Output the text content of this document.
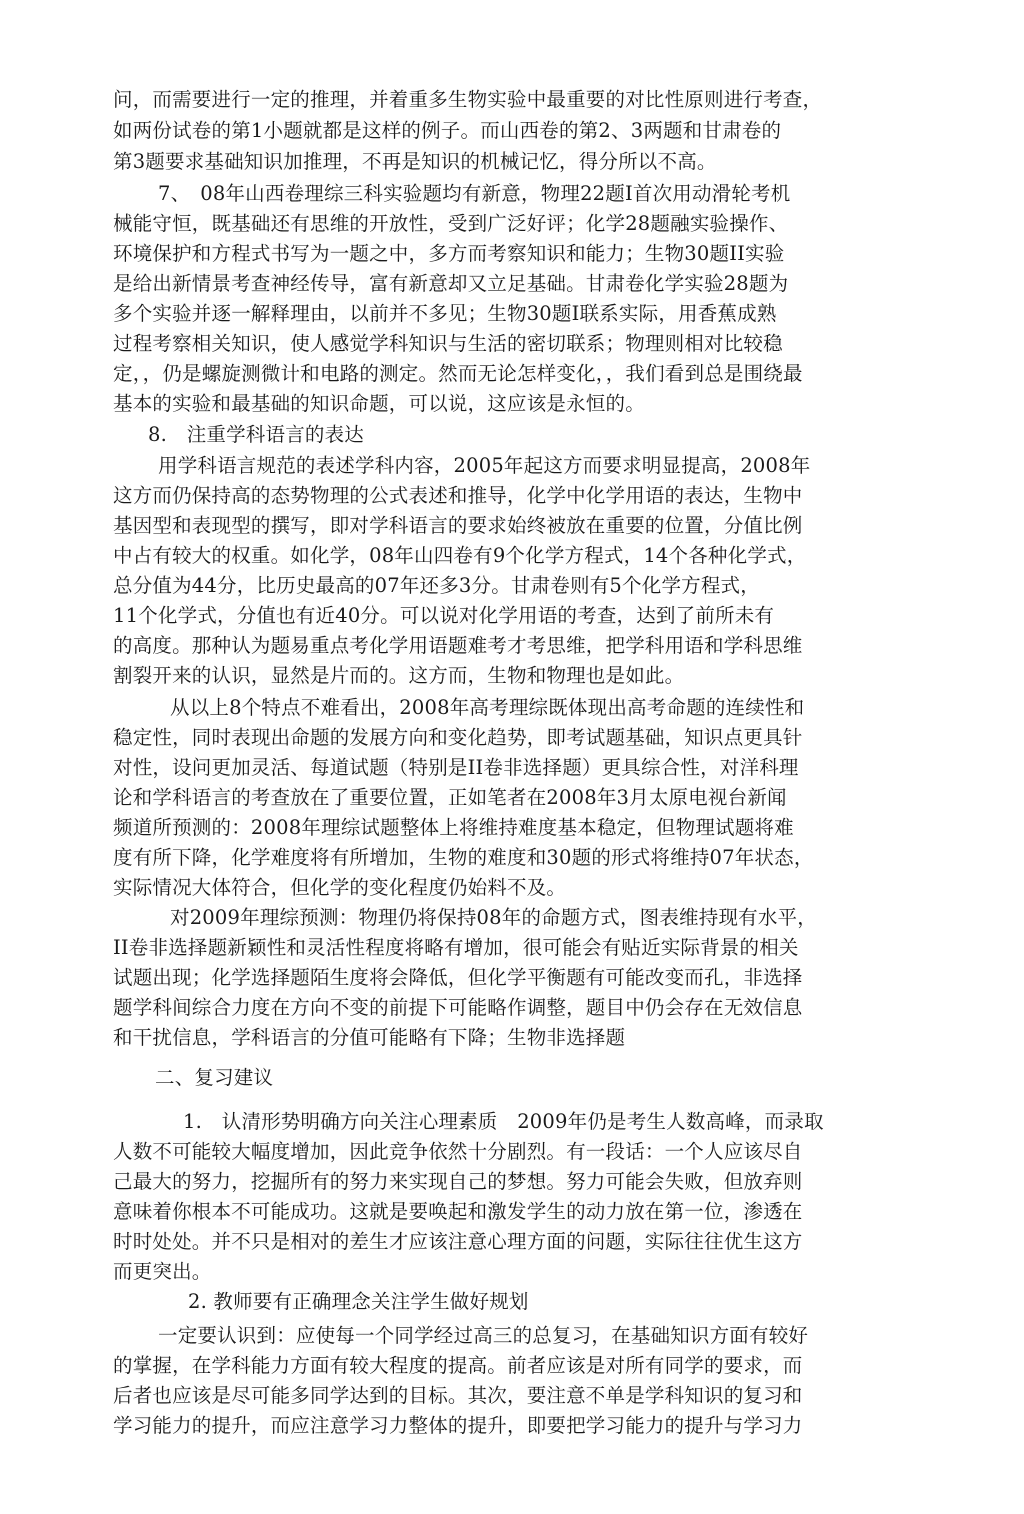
问，而需要进行一定的推理，并着重多生物实验中最重要的对比性原则进行考查，
如两份试卷的第1小题就都是这样的例子。而山西卷的第2、3两题和甘肃卷的
第3题要求基础知识加推理，不再是知识的机械记忆，得分所以不高。
7、　08年山西卷理综三科实验题均有新意，物理22题I首次用动滑轮考机
械能守恒，既基础还有思维的开放性，受到广泛好评；化学28题融实验操作、
环境保护和方程式书写为一题之中，多方而考察知识和能力；生物30题II实验
是给出新情景考查神经传导，富有新意却又立足基础。甘肃卷化学实验28题为
多个实验并逐一解释理由，以前并不多见；生物30题I联系实际，用香蕉成熟
过程考察相关知识，使人感觉学科知识与生活的密切联系；物理则相对比较稳
定，，仍是螺旋测微计和电路的测定。然而无论怎样变化，，我们看到总是围绕最
基本的实验和最基础的知识命题，可以说，这应该是永恒的。
8.　注重学科语言的表达
用学科语言规范的表述学科内容，2005年起这方而要求明显提高，2008年
这方而仍保持高的态势物理的公式表述和推导，化学中化学用语的表达，生物中
基因型和表现型的撰写，即对学科语言的要求始终被放在重要的位置，分值比例
中占有较大的权重。如化学，08年山四卷有9个化学方程式，14个各种化学式，
总分值为44分，比历史最高的07年还多3分。甘肃卷则有5个化学方程式，
11个化学式，分值也有近40分。可以说对化学用语的考查，达到了前所未有
的高度。那种认为题易重点考化学用语题难考才考思维，把学科用语和学科思维
割裂开来的认识，显然是片而的。这方而，生物和物理也是如此。
从以上8个特点不难看出，2008年高考理综既体现出高考命题的连续性和
稳定性，同时表现出命题的发展方向和变化趋势，即考试题基础，知识点更具针
对性，设问更加灵活、每道试题（特别是II卷非选择题）更具综合性，对洋科理
论和学科语言的考查放在了重要位置，正如笔者在2008年3月太原电视台新闻
频道所预测的：2008年理综试题整体上将维持难度基本稳定，但物理试题将难
度有所下降，化学难度将有所增加，生物的难度和30题的形式将维持07年状态，
实际情况大体符合，但化学的变化程度仍始料不及。
对2009年理综预测：物理仍将保持08年的命题方式，图表维持现有水平，
II卷非选择题新颖性和灵活性程度将略有增加，很可能会有贴近实际背景的相关
试题出现；化学选择题陌生度将会降低，但化学平衡题有可能改变而孔，非选择
题学科间综合力度在方向不变的前提下可能略作调整，题目中仍会存在无效信息
和干扰信息，学科语言的分值可能略有下降；生物非选择题
二、复习建议
1.　认清形势明确方向关注心理素质　2009年仍是考生人数高峰，而录取
人数不可能较大幅度增加，因此竞争依然十分剧烈。有一段话：一个人应该尽自
己最大的努力，挖掘所有的努力来实现自己的梦想。努力可能会失败，但放弃则
意味着你根本不可能成功。这就是要唤起和激发学生的动力放在第一位，渗透在
时时处处。并不只是相对的差生才应该注意心理方面的问题，实际往往优生这方
而更突出。
2. 教师要有正确理念关注学生做好规划
一定要认识到：应使每一个同学经过高三的总复习，在基础知识方面有较好
的掌握，在学科能力方面有较大程度的提高。前者应该是对所有同学的要求，而
后者也应该是尽可能多同学达到的目标。其次，要注意不单是学科知识的复习和
学习能力的提升，而应注意学习力整体的提升，即要把学习能力的提升与学习力
